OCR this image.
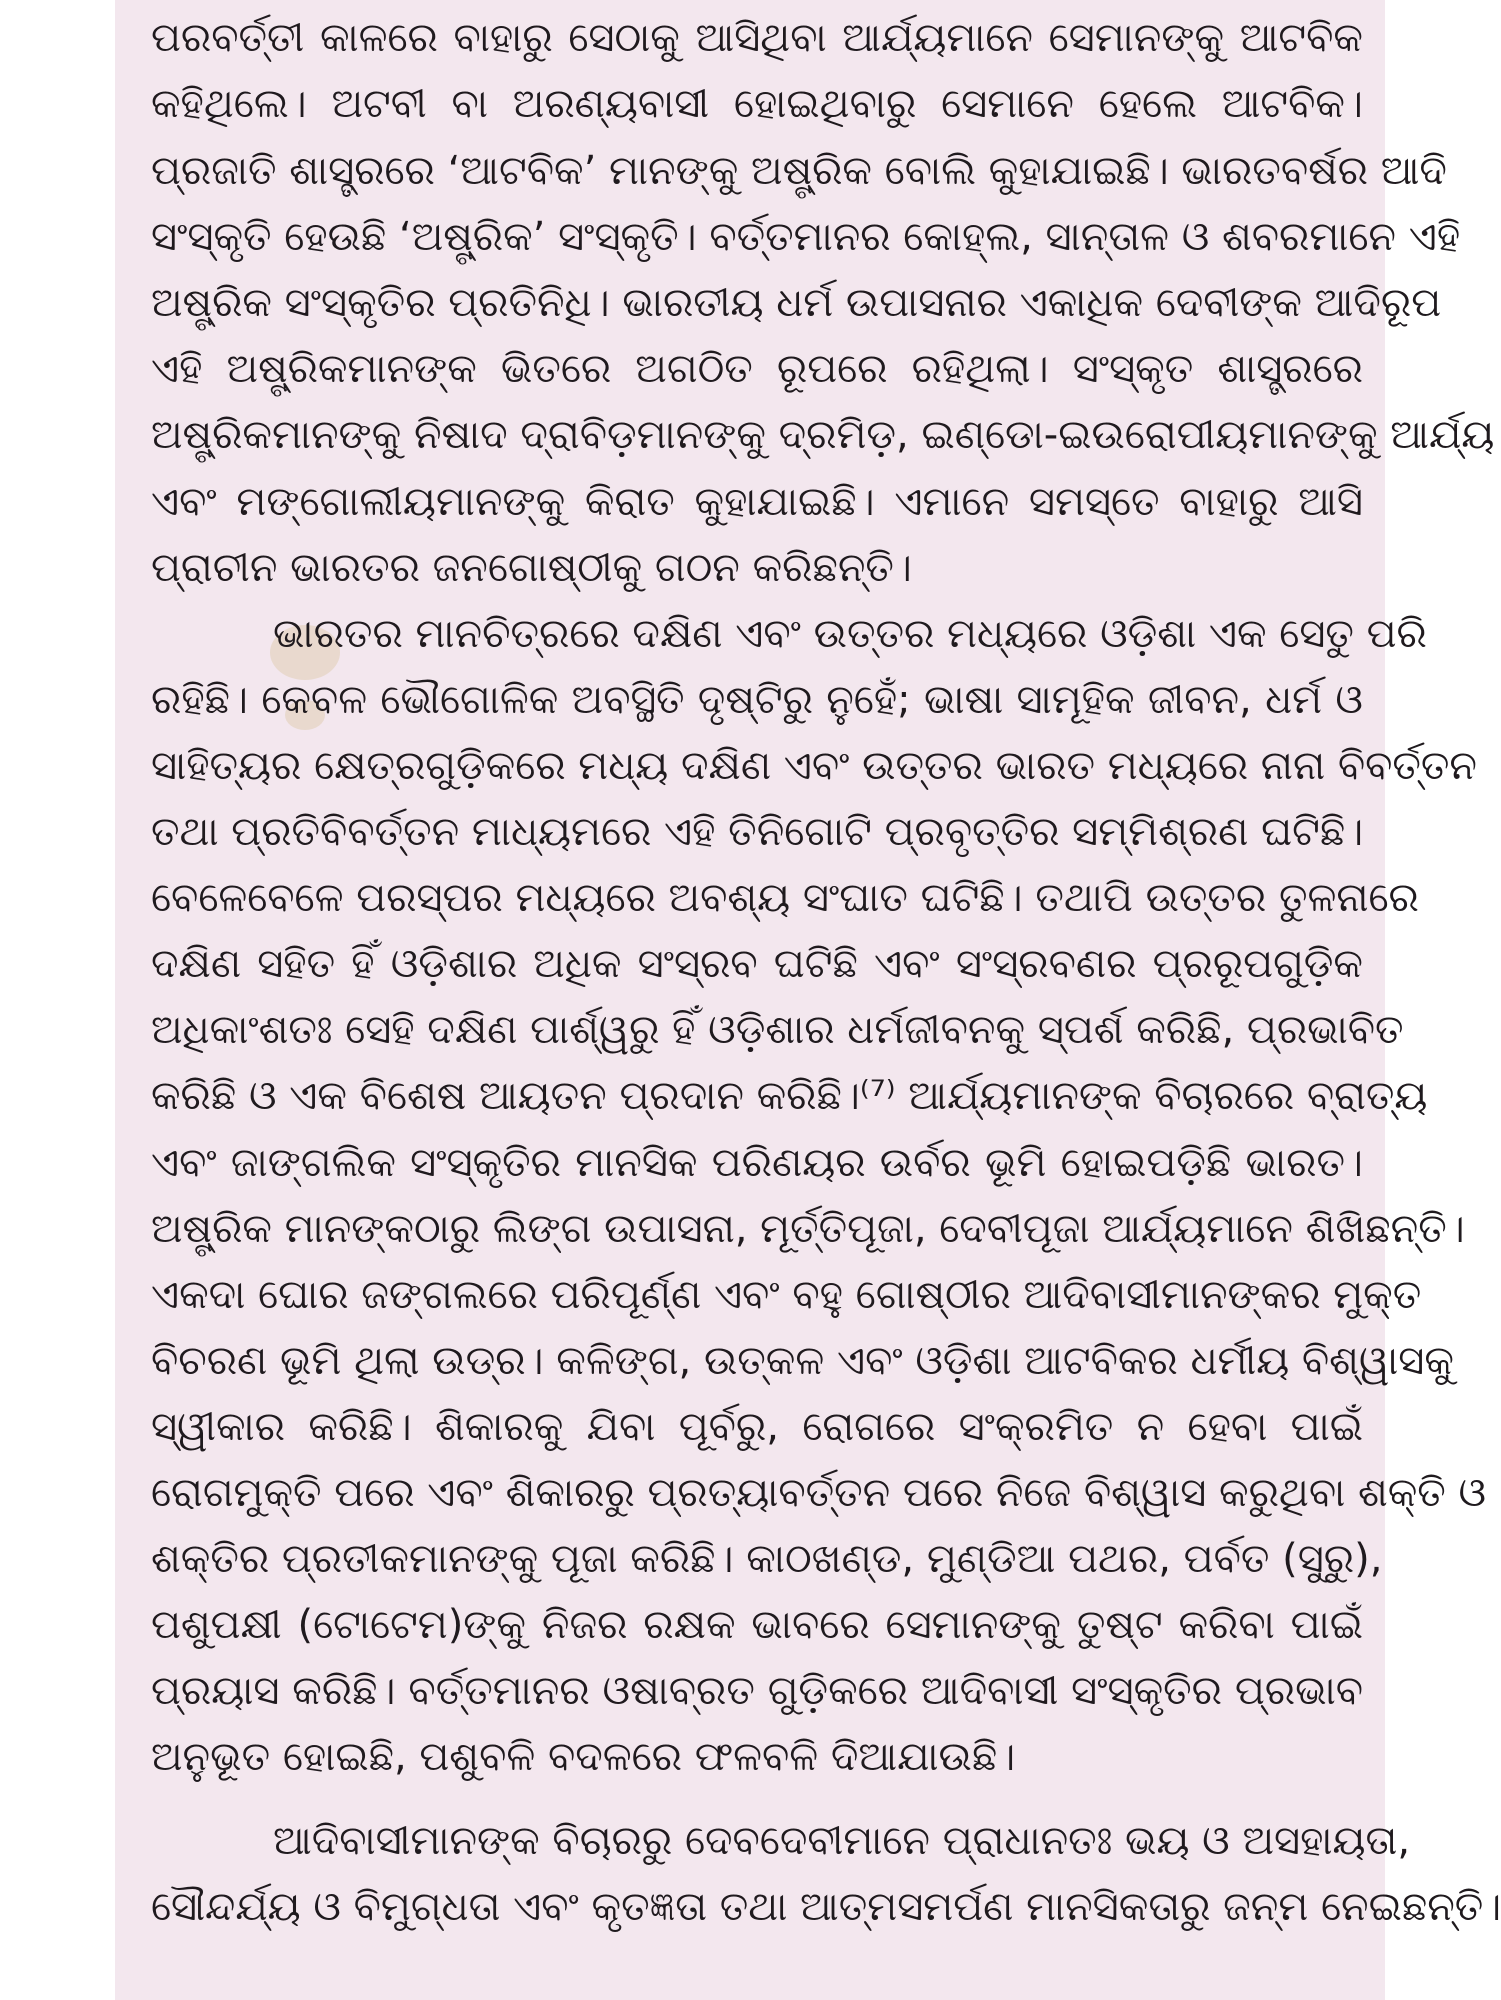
ପରବର୍ତ୍ତୀ କାଳରେ ବାହାରୁ ସେଠାକୁ ଆସିଥିବା ଆର୍ଯ୍ୟମାନେ ସେମାନଙ୍କୁ ଆଟବିକ
କହିଥିଲେ। ଅଟବୀ ବା ଅରଣ୍ୟବାସୀ ହୋଇଥିବାରୁ ସେମାନେ ହେଲେ ଆଟବିକ।
ପ୍ରଜାତି ଶାସ୍ତ୍ରରେ ‘ଆଟବିକ’ ମାନଙ୍କୁ ଅଷ୍ଟ୍ରିକ ବୋଲି କୁହାଯାଇଛି। ଭାରତବର୍ଷର ଆଦି
ସଂସ୍କୃତି ହେଉଛି ‘ଅଷ୍ଟ୍ରିକ’ ସଂସ୍କୃତି। ବର୍ତ୍ତମାନର କୋହ୍ଲ, ସାନ୍ତାଳ ଓ ଶବରମାନେ ଏହି
ଅଷ୍ଟ୍ରିକ ସଂସ୍କୃତିର ପ୍ରତିନିଧି। ଭାରତୀୟ ଧର୍ମ ଉପାସନାର ଏକାଧିକ ଦେବୀଙ୍କ ଆଦିରୂପ
ଏହି ଅଷ୍ଟ୍ରିକମାନଙ୍କ ଭିତରେ ଅଗଠିତ ରୂପରେ ରହିଥିଲା। ସଂସ୍କୃତ ଶାସ୍ତ୍ରରେ
ଅଷ୍ଟ୍ରିକମାନଙ୍କୁ ନିଷାଦ ଦ୍ରାବିଡ଼ମାନଙ୍କୁ ଦ୍ରମିଡ଼, ଇଣ୍ଡୋ-ଇଉରୋପୀୟମାନଙ୍କୁ ଆର୍ଯ୍ୟ
ଏବଂ ମଙ୍ଗୋଲୀୟମାନଙ୍କୁ କିରାତ କୁହାଯାଇଛି। ଏମାନେ ସମସ୍ତେ ବାହାରୁ ଆସି
ପ୍ରାଚୀନ ଭାରତର ଜନଗୋଷ୍ଠୀକୁ ଗଠନ କରିଛନ୍ତି।
ଭାରତର ମାନଚିତ୍ରରେ ଦକ୍ଷିଣ ଏବଂ ଉତ୍ତର ମଧ୍ୟରେ ଓଡ଼ିଶା ଏକ ସେତୁ ପରି
ରହିଛି। କେବଳ ଭୌଗୋଳିକ ଅବସ୍ଥିତି ଦୃଷ୍ଟିରୁ ନୁହେଁ; ଭାଷା ସାମୂହିକ ଜୀବନ, ଧର୍ମ ଓ
ସାହିତ୍ୟର କ୍ଷେତ୍ରଗୁଡ଼ିକରେ ମଧ୍ୟ ଦକ୍ଷିଣ ଏବଂ ଉତ୍ତର ଭାରତ ମଧ୍ୟରେ ନାନା ବିବର୍ତ୍ତନ
ତଥା ପ୍ରତିବିବର୍ତ୍ତନ ମାଧ୍ୟମରେ ଏହି ତିନିଗୋଟି ପ୍ରବୃତ୍ତିର ସମ୍ମିଶ୍ରଣ ଘଟିଛି।
ବେଳେବେଳେ ପରସ୍ପର ମଧ୍ୟରେ ଅବଶ୍ୟ ସଂଘାତ ଘଟିଛି। ତଥାପି ଉତ୍ତର ତୁଳନାରେ
ଦକ୍ଷିଣ ସହିତ ହିଁ ଓଡ଼ିଶାର ଅଧିକ ସଂସ୍ରବ ଘଟିଛି ଏବଂ ସଂସ୍ରବଣର ପ୍ରରୂପଗୁଡ଼ିକ
ଅଧିକାଂଶତଃ ସେହି ଦକ୍ଷିଣ ପାର୍ଶ୍ୱରୁ ହିଁ ଓଡ଼ିଶାର ଧର୍ମଜୀବନକୁ ସ୍ପର୍ଶ କରିଛି, ପ୍ରଭାବିତ
କରିଛି ଓ ଏକ ବିଶେଷ ଆୟତନ ପ୍ରଦାନ କରିଛି।⁽⁷⁾ ଆର୍ଯ୍ୟମାନଙ୍କ ବିଚାରରେ ବ୍ରାତ୍ୟ
ଏବଂ ଜାଙ୍ଗଲିକ ସଂସ୍କୃତିର ମାନସିକ ପରିଣୟର ଉର୍ବର ଭୂମି ହୋଇପଡ଼ିଛି ଭାରତ।
ଅଷ୍ଟ୍ରିକ ମାନଙ୍କଠାରୁ ଲିଙ୍ଗ ଉପାସନା, ମୂର୍ତ୍ତିପୂଜା, ଦେବୀପୂଜା ଆର୍ଯ୍ୟମାନେ ଶିଖିଛନ୍ତି।
ଏକଦା ଘୋର ଜଙ୍ଗଲରେ ପରିପୂର୍ଣ୍ଣ ଏବଂ ବହୁ ଗୋଷ୍ଠୀର ଆଦିବାସୀମାନଙ୍କର ମୁକ୍ତ
ବିଚରଣ ଭୂମି ଥିଲା ଉଡ୍ର। କଳିଙ୍ଗ, ଉତ୍କଳ ଏବଂ ଓଡ଼ିଶା ଆଟବିକର ଧର୍ମୀୟ ବିଶ୍ୱାସକୁ
ସ୍ୱୀକାର କରିଛି। ଶିକାରକୁ ଯିବା ପୂର୍ବରୁ, ରୋଗରେ ସଂକ୍ରମିତ ନ ହେବା ପାଇଁ
ରୋଗମୁକ୍ତି ପରେ ଏବଂ ଶିକାରରୁ ପ୍ରତ୍ୟାବର୍ତ୍ତନ ପରେ ନିଜେ ବିଶ୍ୱାସ କରୁଥିବା ଶକ୍ତି ଓ
ଶକ୍ତିର ପ୍ରତୀକମାନଙ୍କୁ ପୂଜା କରିଛି। କାଠଖଣ୍ଡ, ମୁଣ୍ଡିଆ ପଥର, ପର୍ବତ (ସୁରୁ),
ପଶୁପକ୍ଷୀ (ଟୋଟେମ)ଙ୍କୁ ନିଜର ରକ୍ଷକ ଭାବରେ ସେମାନଙ୍କୁ ତୁଷ୍ଟ କରିବା ପାଇଁ
ପ୍ରୟାସ କରିଛି। ବର୍ତ୍ତମାନର ଓଷାବ୍ରତ ଗୁଡ଼ିକରେ ଆଦିବାସୀ ସଂସ୍କୃତିର ପ୍ରଭାବ
ଅନୁଭୂତ ହୋଇଛି, ପଶୁବଳି ବଦଳରେ ଫଳବଳି ଦିଆଯାଉଛି।
ଆଦିବାସୀମାନଙ୍କ ବିଚାରରୁ ଦେବଦେବୀମାନେ ପ୍ରାଧାନତଃ ଭୟ ଓ ଅସହାୟତା,
ସୌନ୍ଦର୍ଯ୍ୟ ଓ ବିମୁଗ୍ଧତା ଏବଂ କୃତଜ୍ଞତା ତଥା ଆତ୍ମସମର୍ପଣ ମାନସିକତାରୁ ଜନ୍ମ ନେଇଛନ୍ତି।
